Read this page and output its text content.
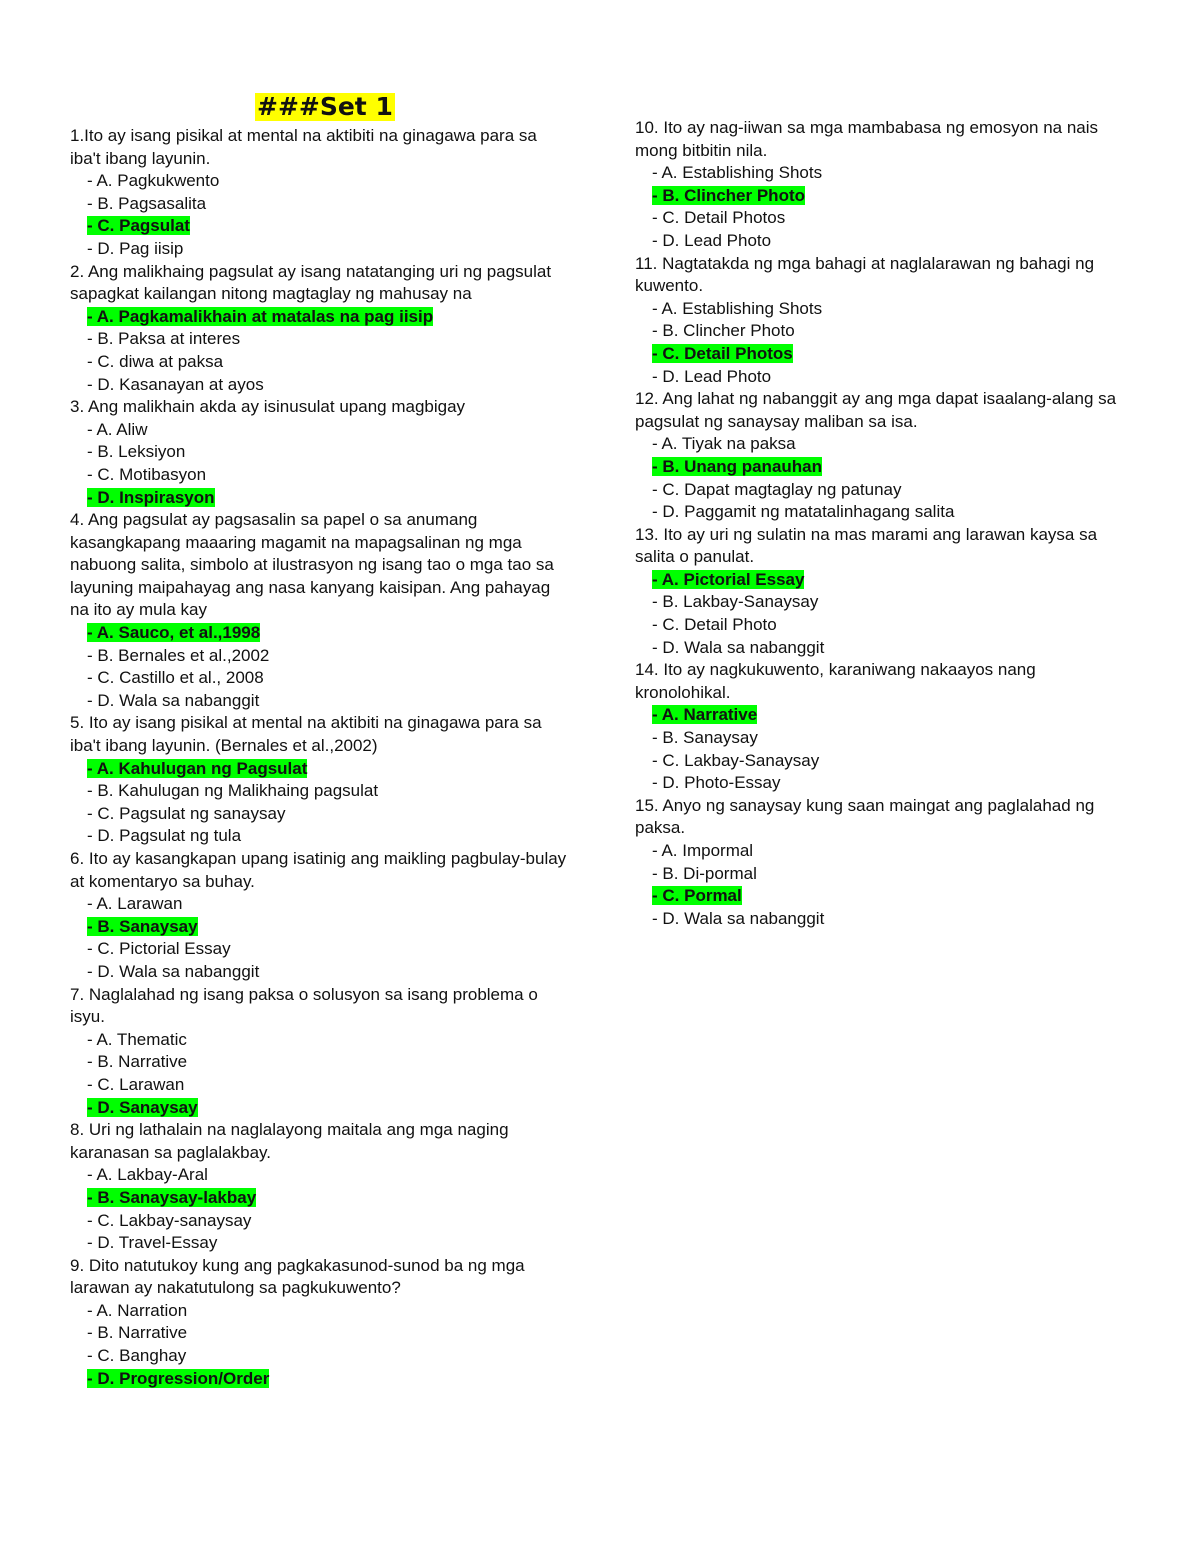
###Set 1
1.Ito ay isang pisikal at mental na aktibiti na ginagawa para sa iba't ibang layunin.
- A. Pagkukwento
- B. Pagsasalita
- C. Pagsulat
- D. Pag iisip
2. Ang malikhaing pagsulat ay isang natatanging uri ng pagsulat sapagkat kailangan nitong magtaglay ng mahusay na
- A. Pagkamalikhain at matalas na pag iisip
- B. Paksa at interes
- C. diwa at paksa
- D. Kasanayan at ayos
3. Ang malikhain akda ay isinusulat upang magbigay
- A. Aliw
- B. Leksiyon
- C. Motibasyon
- D. Inspirasyon
4. Ang pagsulat ay pagsasalin sa papel o sa anumang kasangkapang maaaring magamit na mapagsalinan ng mga nabuong salita, simbolo at ilustrasyon ng isang tao o mga tao sa layuning maipahayag ang nasa kanyang kaisipan. Ang pahayag na ito ay mula kay
- A. Sauco, et al.,1998
- B. Bernales et al.,2002
- C. Castillo et al., 2008
- D. Wala sa nabanggit
5. Ito ay isang pisikal at mental na aktibiti na ginagawa para sa iba't ibang layunin. (Bernales et al.,2002)
- A. Kahulugan ng Pagsulat
- B. Kahulugan ng Malikhaing pagsulat
- C. Pagsulat ng sanaysay
- D. Pagsulat ng tula
6. Ito ay kasangkapan upang isatinig ang maikling pagbulay-bulay at komentaryo sa buhay.
- A. Larawan
- B. Sanaysay
- C. Pictorial Essay
- D. Wala sa nabanggit
7. Naglalahad ng isang paksa o solusyon sa isang problema o isyu.
- A. Thematic
- B. Narrative
- C. Larawan
- D. Sanaysay
8. Uri ng lathalain na naglalayong maitala ang mga naging karanasan sa paglalakbay.
- A. Lakbay-Aral
- B. Sanaysay-lakbay
- C. Lakbay-sanaysay
- D. Travel-Essay
9. Dito natutukoy kung ang pagkakasunod-sunod ba ng mga larawan ay nakatutulong sa pagkukuwento?
- A. Narration
- B. Narrative
- C. Banghay
- D. Progression/Order
10. Ito ay nag-iiwan sa mga mambabasa ng emosyon na nais mong bitbitin nila.
- A. Establishing Shots
- B. Clincher Photo
- C. Detail Photos
- D. Lead Photo
11. Nagtatakda ng mga bahagi at naglalarawan ng bahagi ng kuwento.
- A. Establishing Shots
- B. Clincher Photo
- C. Detail Photos
- D. Lead Photo
12. Ang lahat ng nabanggit ay ang mga dapat isaalang-alang sa pagsulat ng sanaysay maliban sa isa.
- A. Tiyak na paksa
- B. Unang panauhan
- C. Dapat magtaglay ng patunay
- D. Paggamit ng matatalinhagang salita
13. Ito ay uri ng sulatin na mas marami ang larawan kaysa sa salita o panulat.
- A. Pictorial Essay
- B. Lakbay-Sanaysay
- C. Detail Photo
- D. Wala sa nabanggit
14. Ito ay nagkukuwento, karaniwang nakaayos nang kronolohikal.
- A. Narrative
- B. Sanaysay
- C. Lakbay-Sanaysay
- D. Photo-Essay
15. Anyo ng sanaysay kung saan maingat ang paglalahad ng paksa.
- A. Impormal
- B. Di-pormal
- C. Pormal
- D. Wala sa nabanggit
